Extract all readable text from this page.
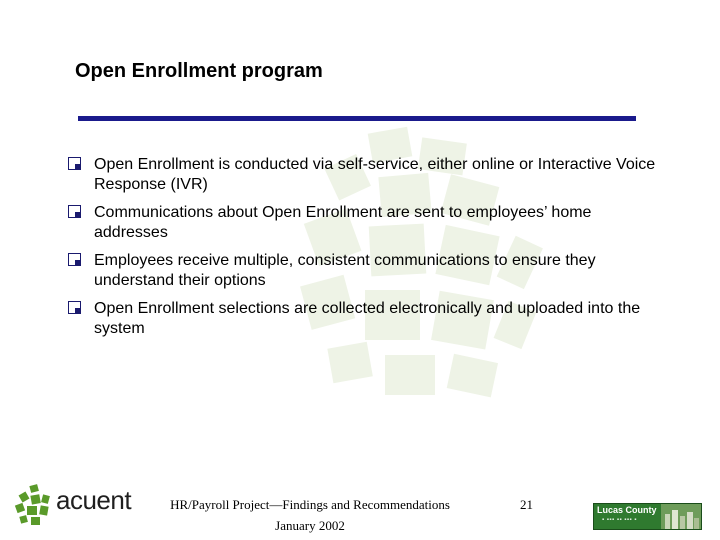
Open Enrollment program
Open Enrollment is conducted via self-service, either online or Interactive Voice Response (IVR)
Communications about Open Enrollment are sent to employees’ home addresses
Employees receive multiple, consistent communications to ensure they understand their options
Open Enrollment selections are collected electronically and uploaded into the system
acuent	HR/Payroll Project—Findings and Recommendations
January 2002
21	Lucas County
▪ ▪▪▪ ▪▪ ▪▪▪ ▪
